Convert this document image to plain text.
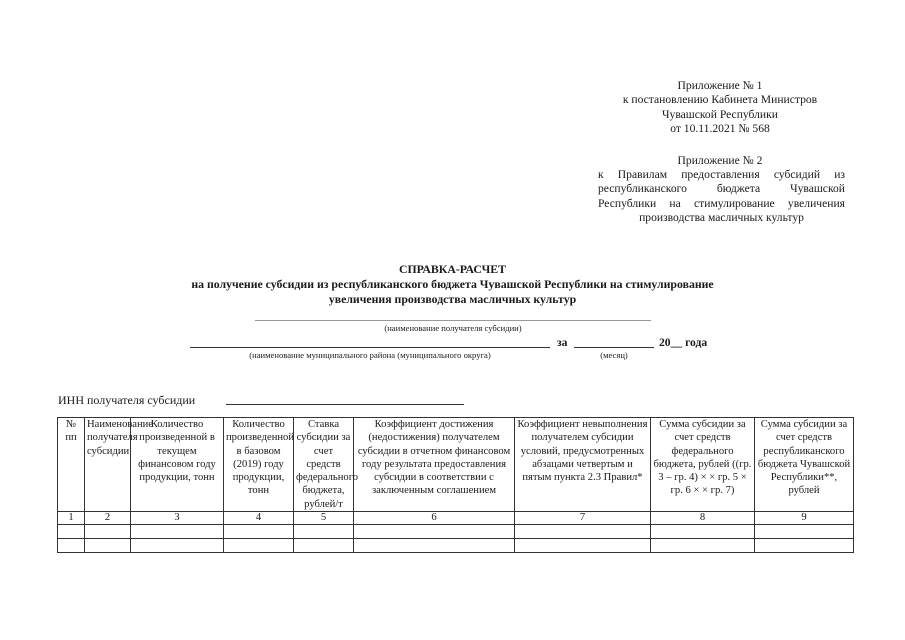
Приложение № 1
к постановлению Кабинета Министров
Чувашской Республики
от 10.11.2021 № 568
Приложение № 2
к Правилам предоставления субсидий из республиканского бюджета Чувашской Республики на стимулирование увеличения производства масличных культур
СПРАВКА-РАСЧЕТ
на получение субсидии из республиканского бюджета Чувашской Республики на стимулирование
увеличения производства масличных культур
(наименование получателя субсидии)
за	20__ года
(наименование муниципального района (муниципального округа)	(месяц)
ИНН получателя субсидии
№ пп	Наименование получателя субсидии	Количество произведенной в текущем финансовом году продукции, тонн	Количество произведенной в базовом (2019) году продукции, тонн	Ставка субсидии за счет средств федерального бюджета, рублей/т	Коэффициент достижения (недостижения) получателем субсидии в отчетном финансовом году результата предоставления субсидии в соответствии с заключенным соглашением	Коэффициент невыполнения получателем субсидии условий, предусмотренных абзацами четвертым и пятым пункта 2.3 Правил*	Сумма субсидии за счет средств федерального бюджета, рублей ((гр. 3 – гр. 4) × × гр. 5 × гр. 6 × × гр. 7)	Сумма субсидии за счет средств республиканского бюджета Чувашской Республики**, рублей
1	2	3	4	5	6	7	8	9
